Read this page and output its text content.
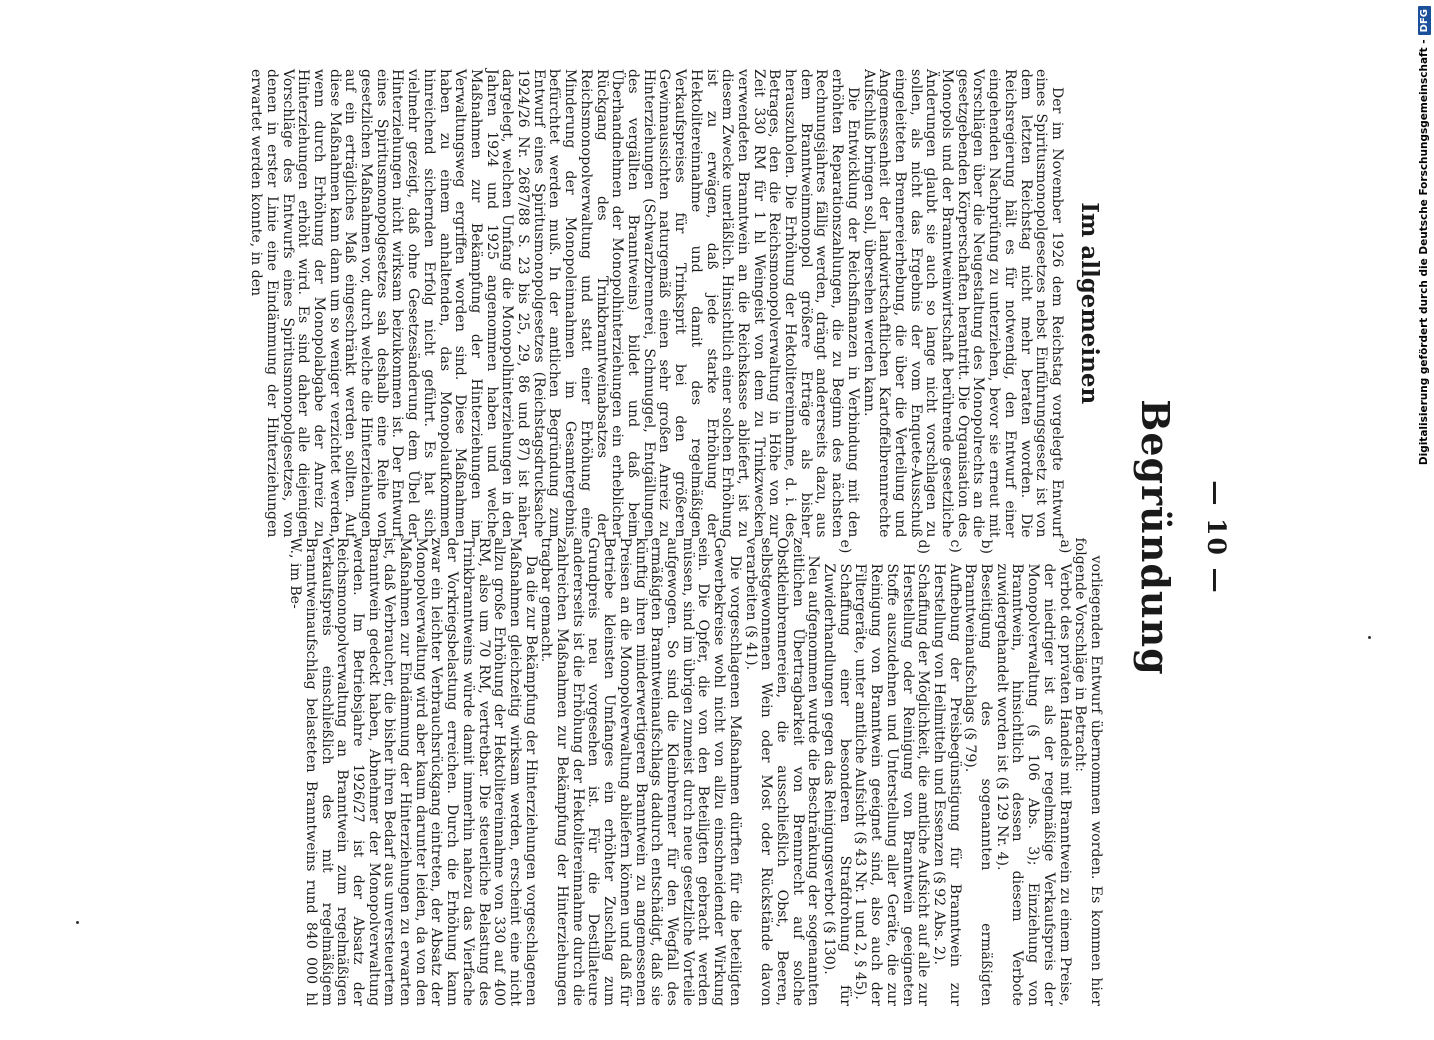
— 10 —
Begründung
Im allgemeinen

Der im November 1926 dem Reichstag vorgelegte Entwurf eines Spiritusmonopolgesetzes nebst Einführungsgesetz ist von dem letzten Reichstag nicht mehr beraten worden. Die Reichsregierung hält es für notwendig, den Entwurf einer eingehenden Nachprüfung zu unterziehen, bevor sie erneut mit Vorschlägen über die Neugestaltung des Monopolrechts an die gesetzgebenden Körperschaften herantritt. Die Organisation des Monopols und der Branntweinwirtschaft berührende gesetzliche Änderungen glaubt sie auch so lange nicht vorschlagen zu sollen, als nicht das Ergebnis der vom Enquete-Ausschuß eingeleiteten Brennereierhebung, die über die Verteilung und Angemessenheit der landwirtschaftlichen Kartoffelbrennrechte Aufschluß bringen soll, übersehen werden kann.

Die Entwicklung der Reichsfinanzen in Verbindung mit den erhöhten Reparationszahlungen, die zu Beginn des nächsten Rechnungsjahres fällig werden, drängt andererseits dazu, aus dem Branntweinmonopol größere Erträge als bisher herauszuholen. Die Erhöhung der Hektolitereinnahme, d. i. des Betrages, den die Reichsmonopolverwaltung in Höhe von zur Zeit 330 RM für 1 hl Weingeist von dem zu Trinkzwecken verwendeten Branntwein an die Reichskasse abliefert, ist zu diesem Zwecke unerläßlich. Hinsichtlich einer solchen Erhöhung ist zu erwägen, daß jede starke Erhöhung der Hektolitereinnahme und damit des regelmäßigen Verkaufspreises für Trinksprit bei den größeren Gewinnaussichten naturgemäß einen sehr großen Anreiz zu Hinterziehungen (Schwarzbrennerei, Schmuggel, Entgällungen des vergällten Branntweins) bildet und daß beim Überhandnehmen der Monopolhinterziehungen ein erheblicher Rückgang des Trinkbranntweinabsatzes der Reichsmonopolverwaltung und statt einer Erhöhung eine Minderung der Monopoleinnahmen im Gesamtergebnis befürchtet werden muß. In der amtlichen Begründung zum Entwurf eines Spiritusmonopolgesetzes (Reichstagsdrucksache 1924/26 Nr. 2687/88 S. 23 bis 25, 29, 86 und 87) ist näher dargelegt, welchen Umfang die Monopolhinterziehungen in den Jahren 1924 und 1925 angenommen haben und welche Maßnahmen zur Bekämpfung der Hinterziehungen im Verwaltungsweg ergriffen worden sind. Diese Maßnahmen haben zu einem anhaltenden, das Monopolaufkommen hinreichend sichernden Erfolg nicht geführt. Es hat sich vielmehr gezeigt, daß ohne Gesetzesänderung dem Übel der Hinterziehungen nicht wirksam beizukommen ist. Der Entwurf eines Spiritusmonopolgesetzes sah deshalb eine Reihe von gesetzlichen Maßnahmen vor, durch welche die Hinterziehungen auf ein erträgliches Maß eingeschränkt werden sollten. Auf diese Maßnahmen kann dann um so weniger verzichtet werden, wenn durch Erhöhung der Monopolabgabe der Anreiz zu Hinterziehungen erhöht wird. Es sind daher alle diejenigen Vorschläge des Entwurfs eines Spiritusmonopolgesetzes, von denen in erster Linie eine Eindämmung der Hinterziehungen erwartet werden konnte, in den

vorliegenden Entwurf übernommen worden. Es kommen hier folgende Vorschläge in Betracht:

a)
Verbot des privaten Handels mit Branntwein zu einem Preise, der niedriger ist als der regelmäßige Verkaufspreis der Monopolverwaltung (§ 106 Abs. 3); Einziehung von Branntwein, hinsichtlich dessen diesem Verbote zuwidergehandelt worden ist (§ 129 Nr. 4).
b)
Beseitigung des sogenannten ermäßigten Branntweinaufschlags (§ 79).
c)
Aufhebung der Preisbegünstigung für Branntwein zur Herstellung von Heilmitteln und Essenzen (§ 92 Abs. 2).
d)
Schaffung der Möglichkeit, die amtliche Aufsicht auf alle zur Herstellung oder Reinigung von Branntwein geeigneten Stoffe auszudehnen und Unterstellung aller Geräte, die zur Reinigung von Branntwein geeignet sind, also auch der Filtergeräte, unter amtliche Aufsicht (§ 43 Nr. 1 und 2, § 45).
e)
Schaffung einer besonderen Strafdrohung für Zuwiderhandlungen gegen das Reinigungsverbot (§ 130).

Neu aufgenommen wurde die Beschränkung der sogenannten zeitlichen Übertragbarkeit von Brennrecht auf solche Obstkleinbrennereien, die ausschließlich Obst, Beeren, selbstgewonnenen Wein oder Most oder Rückstände davon verarbeiten (§ 41).

Die vorgeschlagenen Maßnahmen dürften für die beteiligten Gewerbekreise wohl nicht von allzu einschneidender Wirkung sein. Die Opfer, die von den Beteiligten gebracht werden müssen, sind im übrigen zumeist durch neue gesetzliche Vorteile aufgewogen. So sind die Kleinbrenner für den Wegfall des ermäßigten Branntweinaufschlags dadurch entschädigt, daß sie künftig ihren minderwertigeren Branntwein zu angemessenen Preisen an die Monopolverwaltung abliefern können und daß für Betriebe kleinsten Umfanges ein erhöhter Zuschlag zum Grundpreis neu vorgesehen ist. Für die Destillateure andererseits ist die Erhöhung der Hektolitereinnahme durch die zahlreichen Maßnahmen zur Bekämpfung der Hinterziehungen tragbar gemacht.

Da die zur Bekämpfung der Hinterziehungen vorgeschlagenen Maßnahmen gleichzeitig wirksam werden, erscheint eine nicht allzu große Erhöhung der Hektolitereinnahme von 330 auf 400 RM, also um 70 RM, vertretbar. Die steuerliche Belastung des Trinkbranntweins würde damit immerhin nahezu das Vierfache der Vorkriegsbelastung erreichen. Durch die Erhöhung kann zwar ein leichter Verbrauchsrückgang eintreten, der Absatz der Monopolverwaltung wird aber kaum darunter leiden, da von den Maßnahmen zur Eindämmung der Hinterziehungen zu erwarten ist, daß Verbraucher, die bisher ihren Bedarf aus unversteuertem Branntwein gedeckt haben, Abnehmer der Monopolverwaltung werden. Im Betriebsjahre 1926/27 ist der Absatz der Reichsmonopolverwaltung an Branntwein zum regelmäßigen Verkaufspreis einschließlich des mit regelmäßigem Branntweinaufschlag belasteten Branntweins rund 840 000 hl W., im Be-

Digitalisierung gefördert durch die Deutsche Forschungsgemeinschaft -
DFG
